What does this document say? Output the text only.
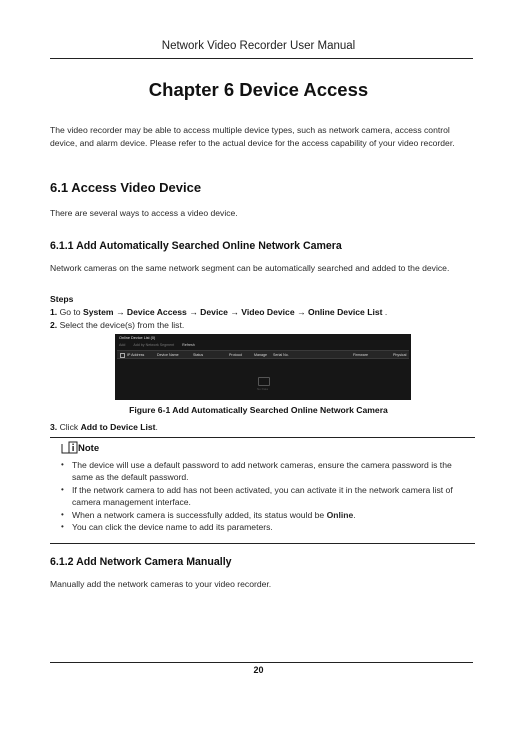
Network Video Recorder User Manual
Chapter 6 Device Access
The video recorder may be able to access multiple device types, such as network camera, access control device, and alarm device. Please refer to the actual device for the access capability of your video recorder.
6.1 Access Video Device
There are several ways to access a video device.
6.1.1 Add Automatically Searched Online Network Camera
Network cameras on the same network segment can be automatically searched and added to the device.
Steps
1. Go to System → Device Access → Device → Video Device → Online Device List .
2. Select the device(s) from the list.
Online Device List (0)
Add Add by Network Segment Refresh
IP Address	Device Name	Status	Protocol	Manage Serial No.	Firmware	Physical
No Data
Figure 6-1 Add Automatically Searched Online Network Camera
3. Click Add to Device List.
Note
• The device will use a default password to add network cameras, ensure the camera password is the same as the default password.
• If the network camera to add has not been activated, you can activate it in the network camera list of camera management interface.
• When a network camera is successfully added, its status would be Online.
• You can click the device name to add its parameters.
6.1.2 Add Network Camera Manually
Manually add the network cameras to your video recorder.
20
